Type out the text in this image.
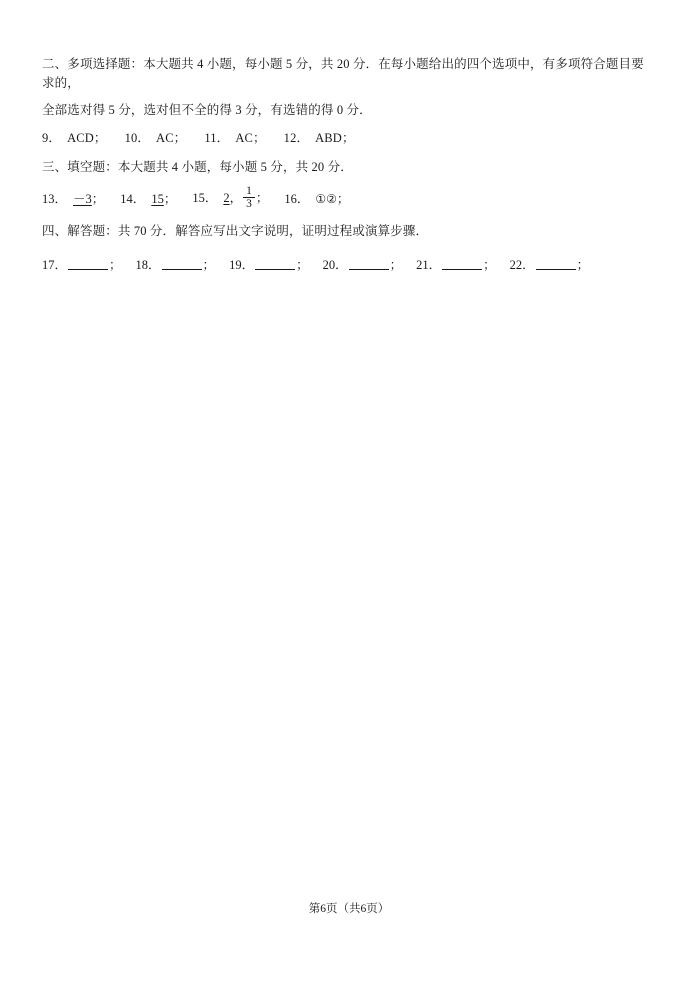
二、多项选择题：本大题共 4 小题，每小题 5 分，共 20 分．在每小题给出的四个选项中，有多项符合题目要求的，
全部选对得 5 分，选对但不全的得 3 分，有选错的得 0 分．
9． ACD； 10． AC； 11． AC； 12． ABD；
三、填空题：本大题共 4 小题，每小题 5 分，共 20 分．
13． －3； 14． 15； 15． 2， $\frac{1}{3}$ ； 16． ①②；
四、解答题：共 70 分．解答应写出文字说明，证明过程或演算步骤．
17．	； 18．	； 19．	； 20．	； 21．	； 22．	；
第6页（共6页）
